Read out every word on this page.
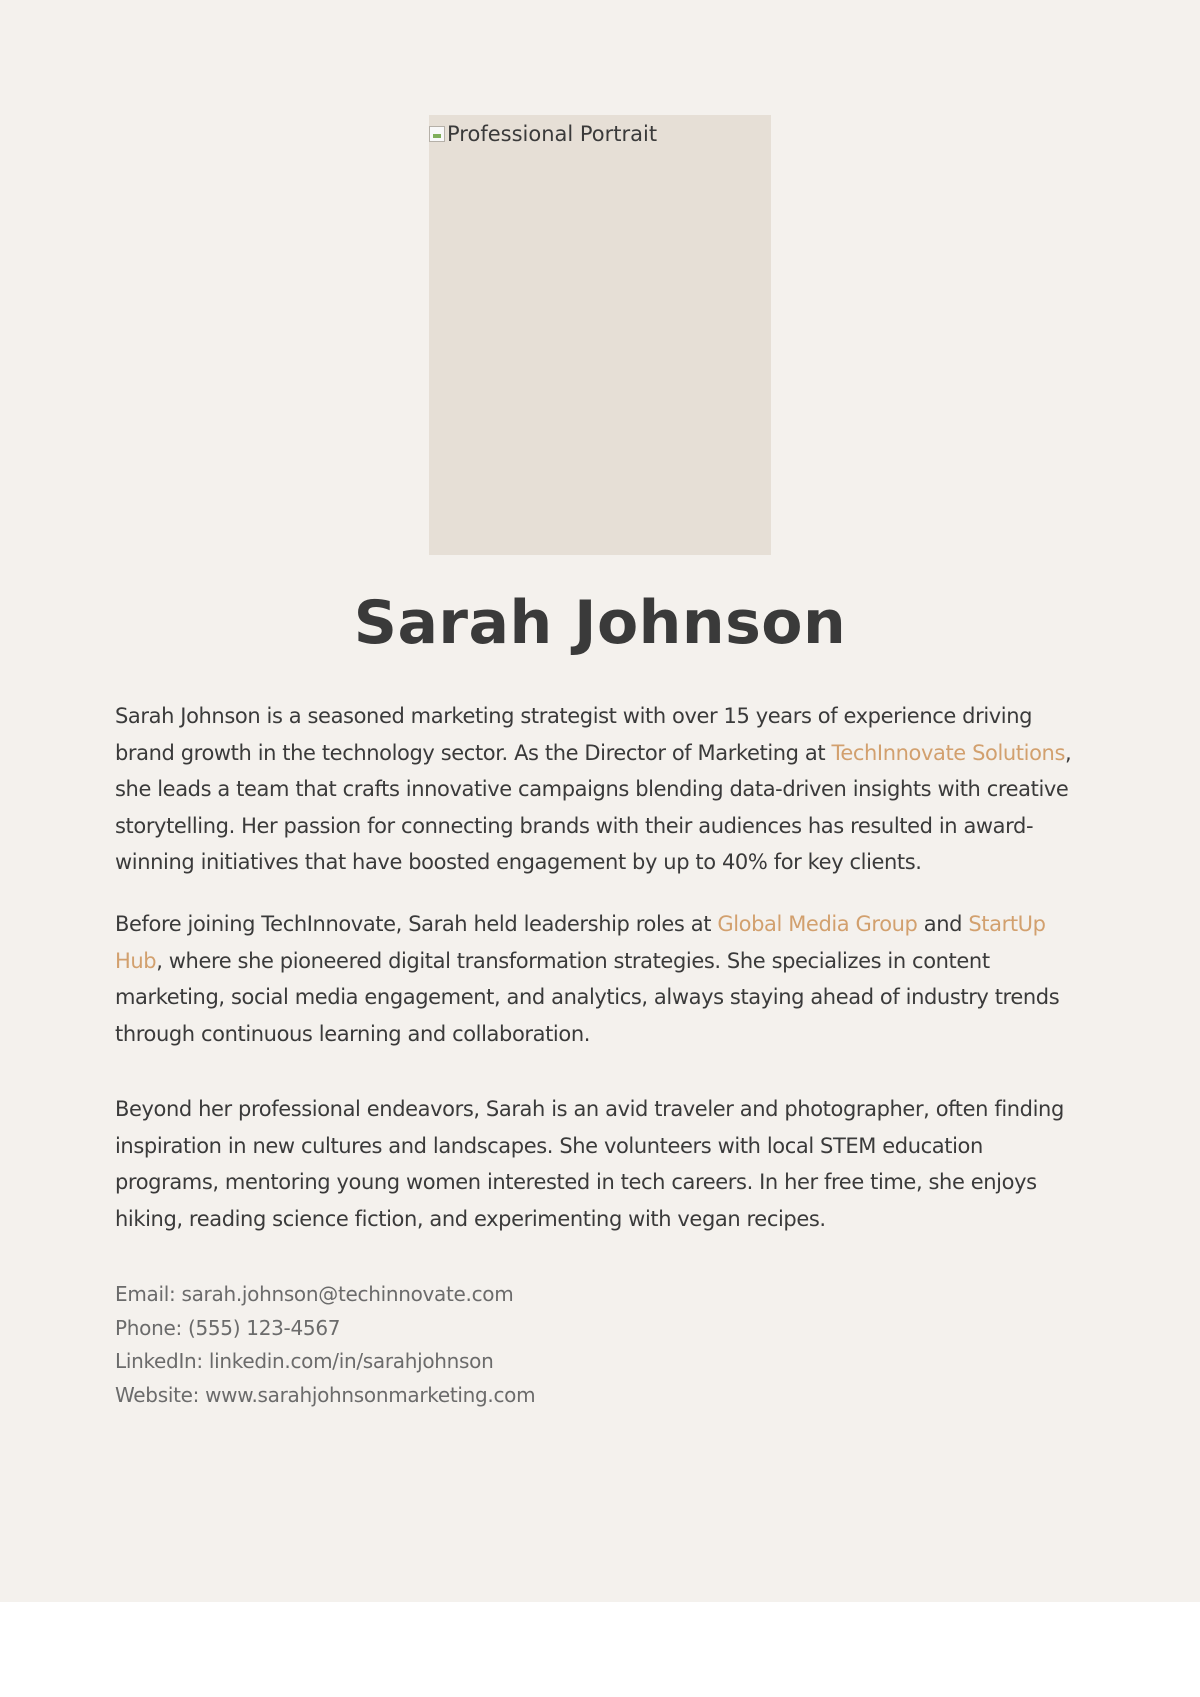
Professional Portrait
Sarah Johnson

Sarah Johnson is a seasoned marketing strategist with over 15 years of experience driving brand growth in the technology sector. As the Director of Marketing at TechInnovate Solutions, she leads a team that crafts innovative campaigns blending data-driven insights with creative storytelling. Her passion for connecting brands with their audiences has resulted in award-winning initiatives that have boosted engagement by up to 40% for key clients.

Before joining TechInnovate, Sarah held leadership roles at Global Media Group and StartUp Hub, where she pioneered digital transformation strategies. She specializes in content marketing, social media engagement, and analytics, always staying ahead of industry trends through continuous learning and collaboration.

Beyond her professional endeavors, Sarah is an avid traveler and photographer, often finding inspiration in new cultures and landscapes. She volunteers with local STEM education programs, mentoring young women interested in tech careers. In her free time, she enjoys hiking, reading science fiction, and experimenting with vegan recipes.

Email: sarah.johnson@techinnovate.com
Phone: (555) 123-4567
LinkedIn: linkedin.com/in/sarahjohnson
Website: www.sarahjohnsonmarketing.com
